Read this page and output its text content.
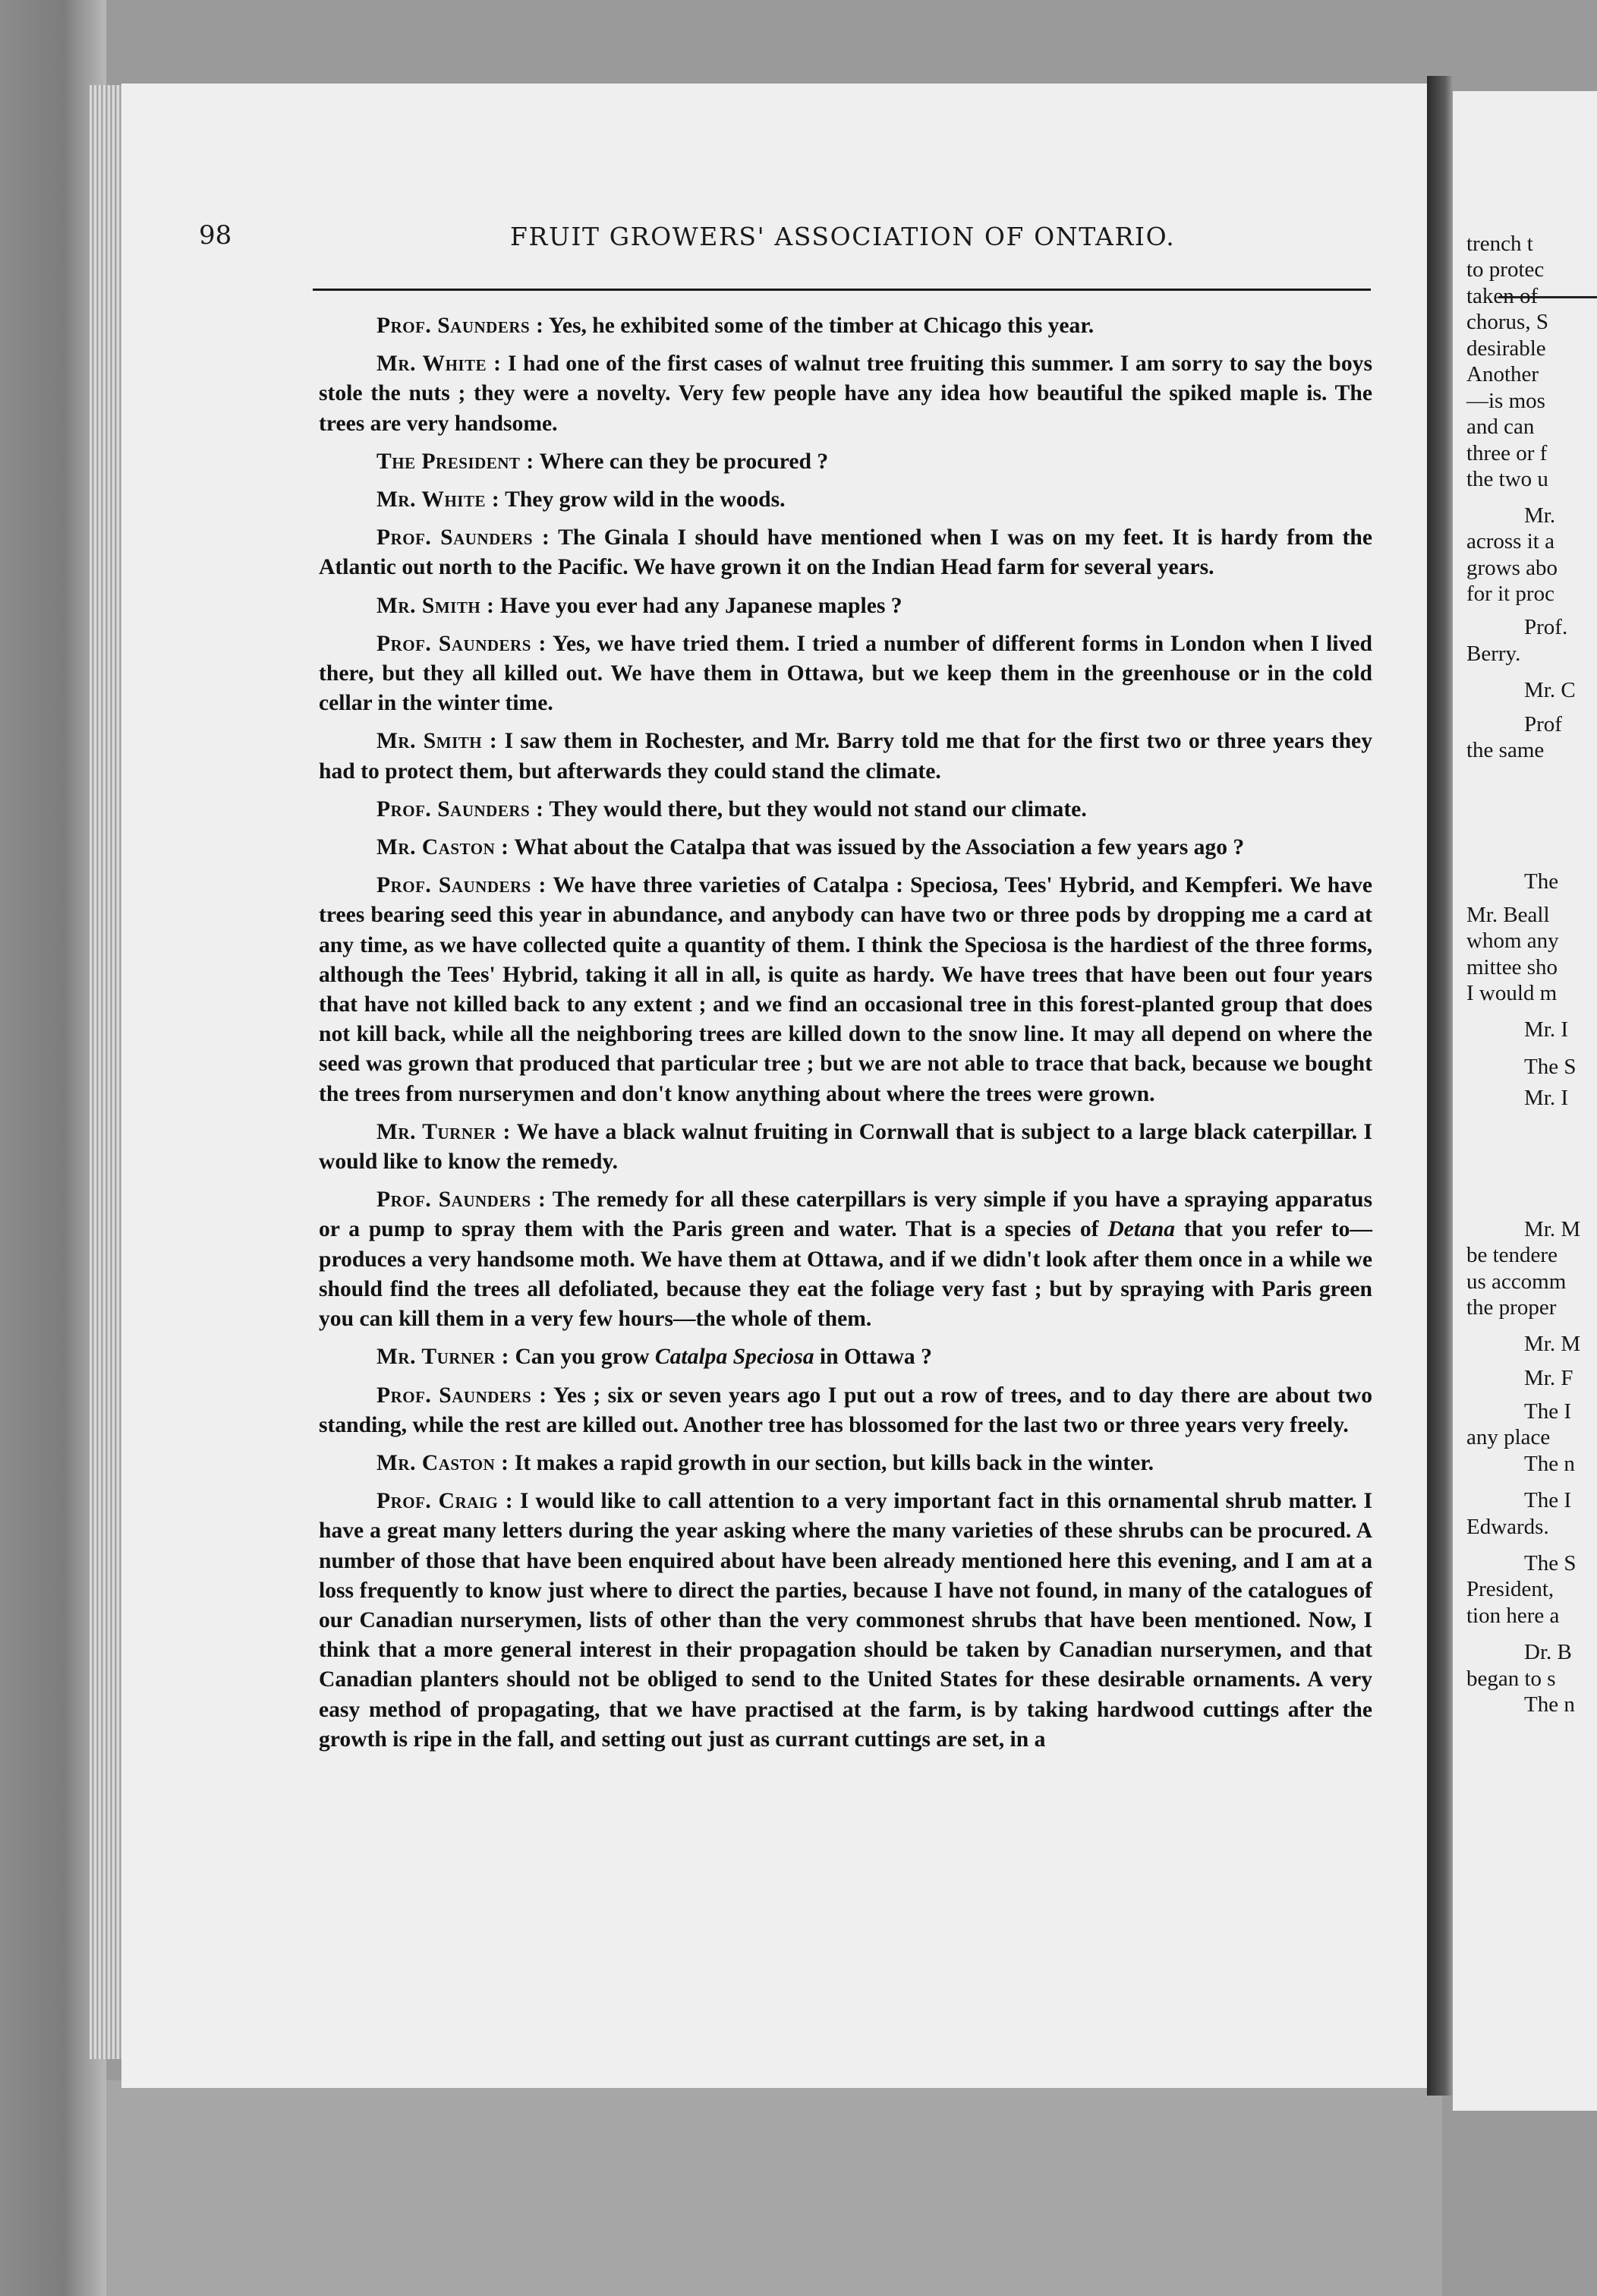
98	FRUIT GROWERS' ASSOCIATION OF ONTARIO.

Prof. Saunders : Yes, he exhibited some of the timber at Chicago this year.

Mr. White : I had one of the first cases of walnut tree fruiting this summer. I am sorry to say the boys stole the nuts ; they were a novelty. Very few people have any idea how beautiful the spiked maple is. The trees are very handsome.

The President : Where can they be procured ?

Mr. White : They grow wild in the woods.

Prof. Saunders : The Ginala I should have mentioned when I was on my feet. It is hardy from the Atlantic out north to the Pacific. We have grown it on the Indian Head farm for several years.

Mr. Smith : Have you ever had any Japanese maples ?

Prof. Saunders : Yes, we have tried them. I tried a number of different forms in London when I lived there, but they all killed out. We have them in Ottawa, but we keep them in the greenhouse or in the cold cellar in the winter time.

Mr. Smith : I saw them in Rochester, and Mr. Barry told me that for the first two or three years they had to protect them, but afterwards they could stand the climate.

Prof. Saunders : They would there, but they would not stand our climate.

Mr. Caston : What about the Catalpa that was issued by the Association a few years ago ?

Prof. Saunders : We have three varieties of Catalpa : Speciosa, Tees' Hybrid, and Kempferi. We have trees bearing seed this year in abundance, and anybody can have two or three pods by dropping me a card at any time, as we have collected quite a quantity of them. I think the Speciosa is the hardiest of the three forms, although the Tees' Hybrid, taking it all in all, is quite as hardy. We have trees that have been out four years that have not killed back to any extent ; and we find an occasional tree in this forest-planted group that does not kill back, while all the neighboring trees are killed down to the snow line. It may all depend on where the seed was grown that produced that particular tree ; but we are not able to trace that back, because we bought the trees from nurserymen and don't know anything about where the trees were grown.

Mr. Turner : We have a black walnut fruiting in Cornwall that is subject to a large black caterpillar. I would like to know the remedy.

Prof. Saunders : The remedy for all these caterpillars is very simple if you have a spraying apparatus or a pump to spray them with the Paris green and water. That is a species of Detana that you refer to—produces a very handsome moth. We have them at Ottawa, and if we didn't look after them once in a while we should find the trees all defoliated, because they eat the foliage very fast ; but by spraying with Paris green you can kill them in a very few hours—the whole of them.

Mr. Turner : Can you grow Catalpa Speciosa in Ottawa ?

Prof. Saunders : Yes ; six or seven years ago I put out a row of trees, and to day there are about two standing, while the rest are killed out. Another tree has blossomed for the last two or three years very freely.

Mr. Caston : It makes a rapid growth in our section, but kills back in the winter.

Prof. Craig : I would like to call attention to a very important fact in this ornamental shrub matter. I have a great many letters during the year asking where the many varieties of these shrubs can be procured. A number of those that have been enquired about have been already mentioned here this evening, and I am at a loss frequently to know just where to direct the parties, because I have not found, in many of the catalogues of our Canadian nurserymen, lists of other than the very commonest shrubs that have been mentioned. Now, I think that a more general interest in their propagation should be taken by Canadian nurserymen, and that Canadian planters should not be obliged to send to the United States for these desirable ornaments. A very easy method of propagating, that we have practised at the farm, is by taking hardwood cuttings after the growth is ripe in the fall, and setting out just as currant cuttings are set, in a

trench t
to protec
taken of
chorus, S
desirable
Another
—is mos
and can
three or f
the two u
Mr.
across it a
grows abo
for it proc
Prof.
Berry.
Mr. C
Prof
the same
The
Mr. Beall
whom any
mittee sho
I would m
Mr. I
The S
Mr. I
Mr. M
be tendere
us accomm
the proper
Mr. M
Mr. F
The I
any place
The n
The I
Edwards.
The S
President,
tion here a
Dr. B
began to s
The n
